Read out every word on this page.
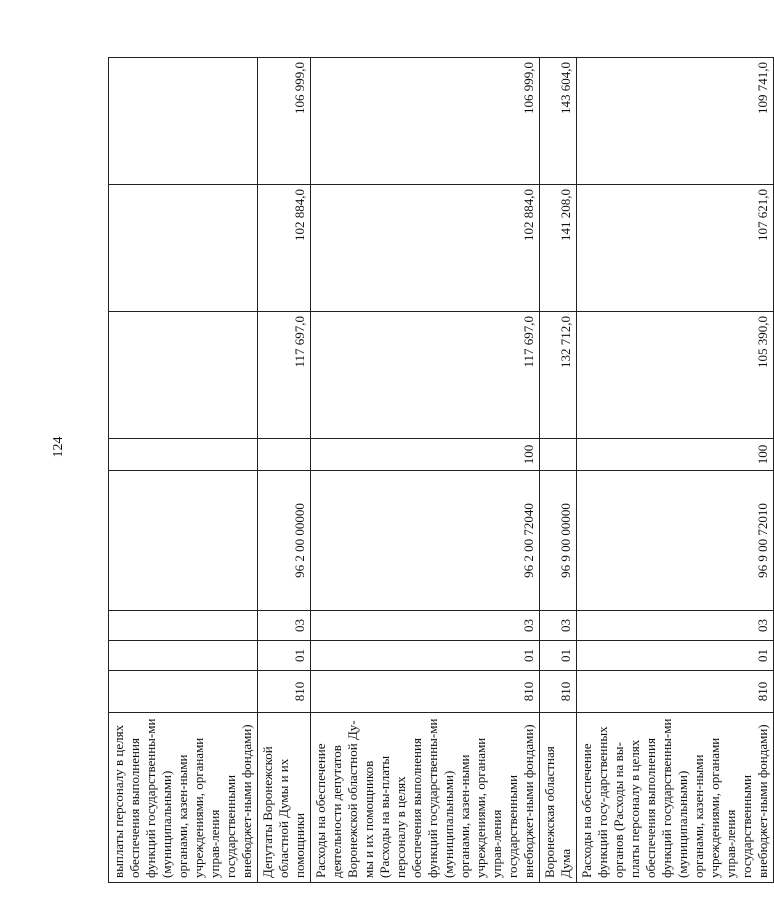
124
выплаты персоналу в целях обеспечения выполнения функций государственны-ми (муниципальными) органами, казен-ными учреждениями, органами управ-ления государственными внебюджет-ными фондами)								
Депутаты Воронежской областной Думы и их помощники	810	01	03	96 2 00 00000		117 697,0	102 884,0	106 999,0
Расходы на обеспечение деятельности депутатов Воронежской областной Ду-мы и их помощников (Расходы на вы-платы персоналу в целях обеспечения выполнения функций государственны-ми (муниципальными) органами, казен-ными учреждениями, органами управ-ления государственными внебюджет-ными фондами)	810	01	03	96 2 00 72040	100	117 697,0	102 884,0	106 999,0
Воронежская областная Дума	810	01	03	96 9 00 00000		132 712,0	141 208,0	143 604,0
Расходы на обеспечение функций госу-дарственных органов (Расходы на вы-платы персоналу в целях обеспечения выполнения функций государственны-ми (муниципальными) органами, казен-ными учреждениями, органами управ-ления государственными внебюджет-ными фондами)	810	01	03	96 9 00 72010	100	105 390,0	107 621,0	109 741,0
